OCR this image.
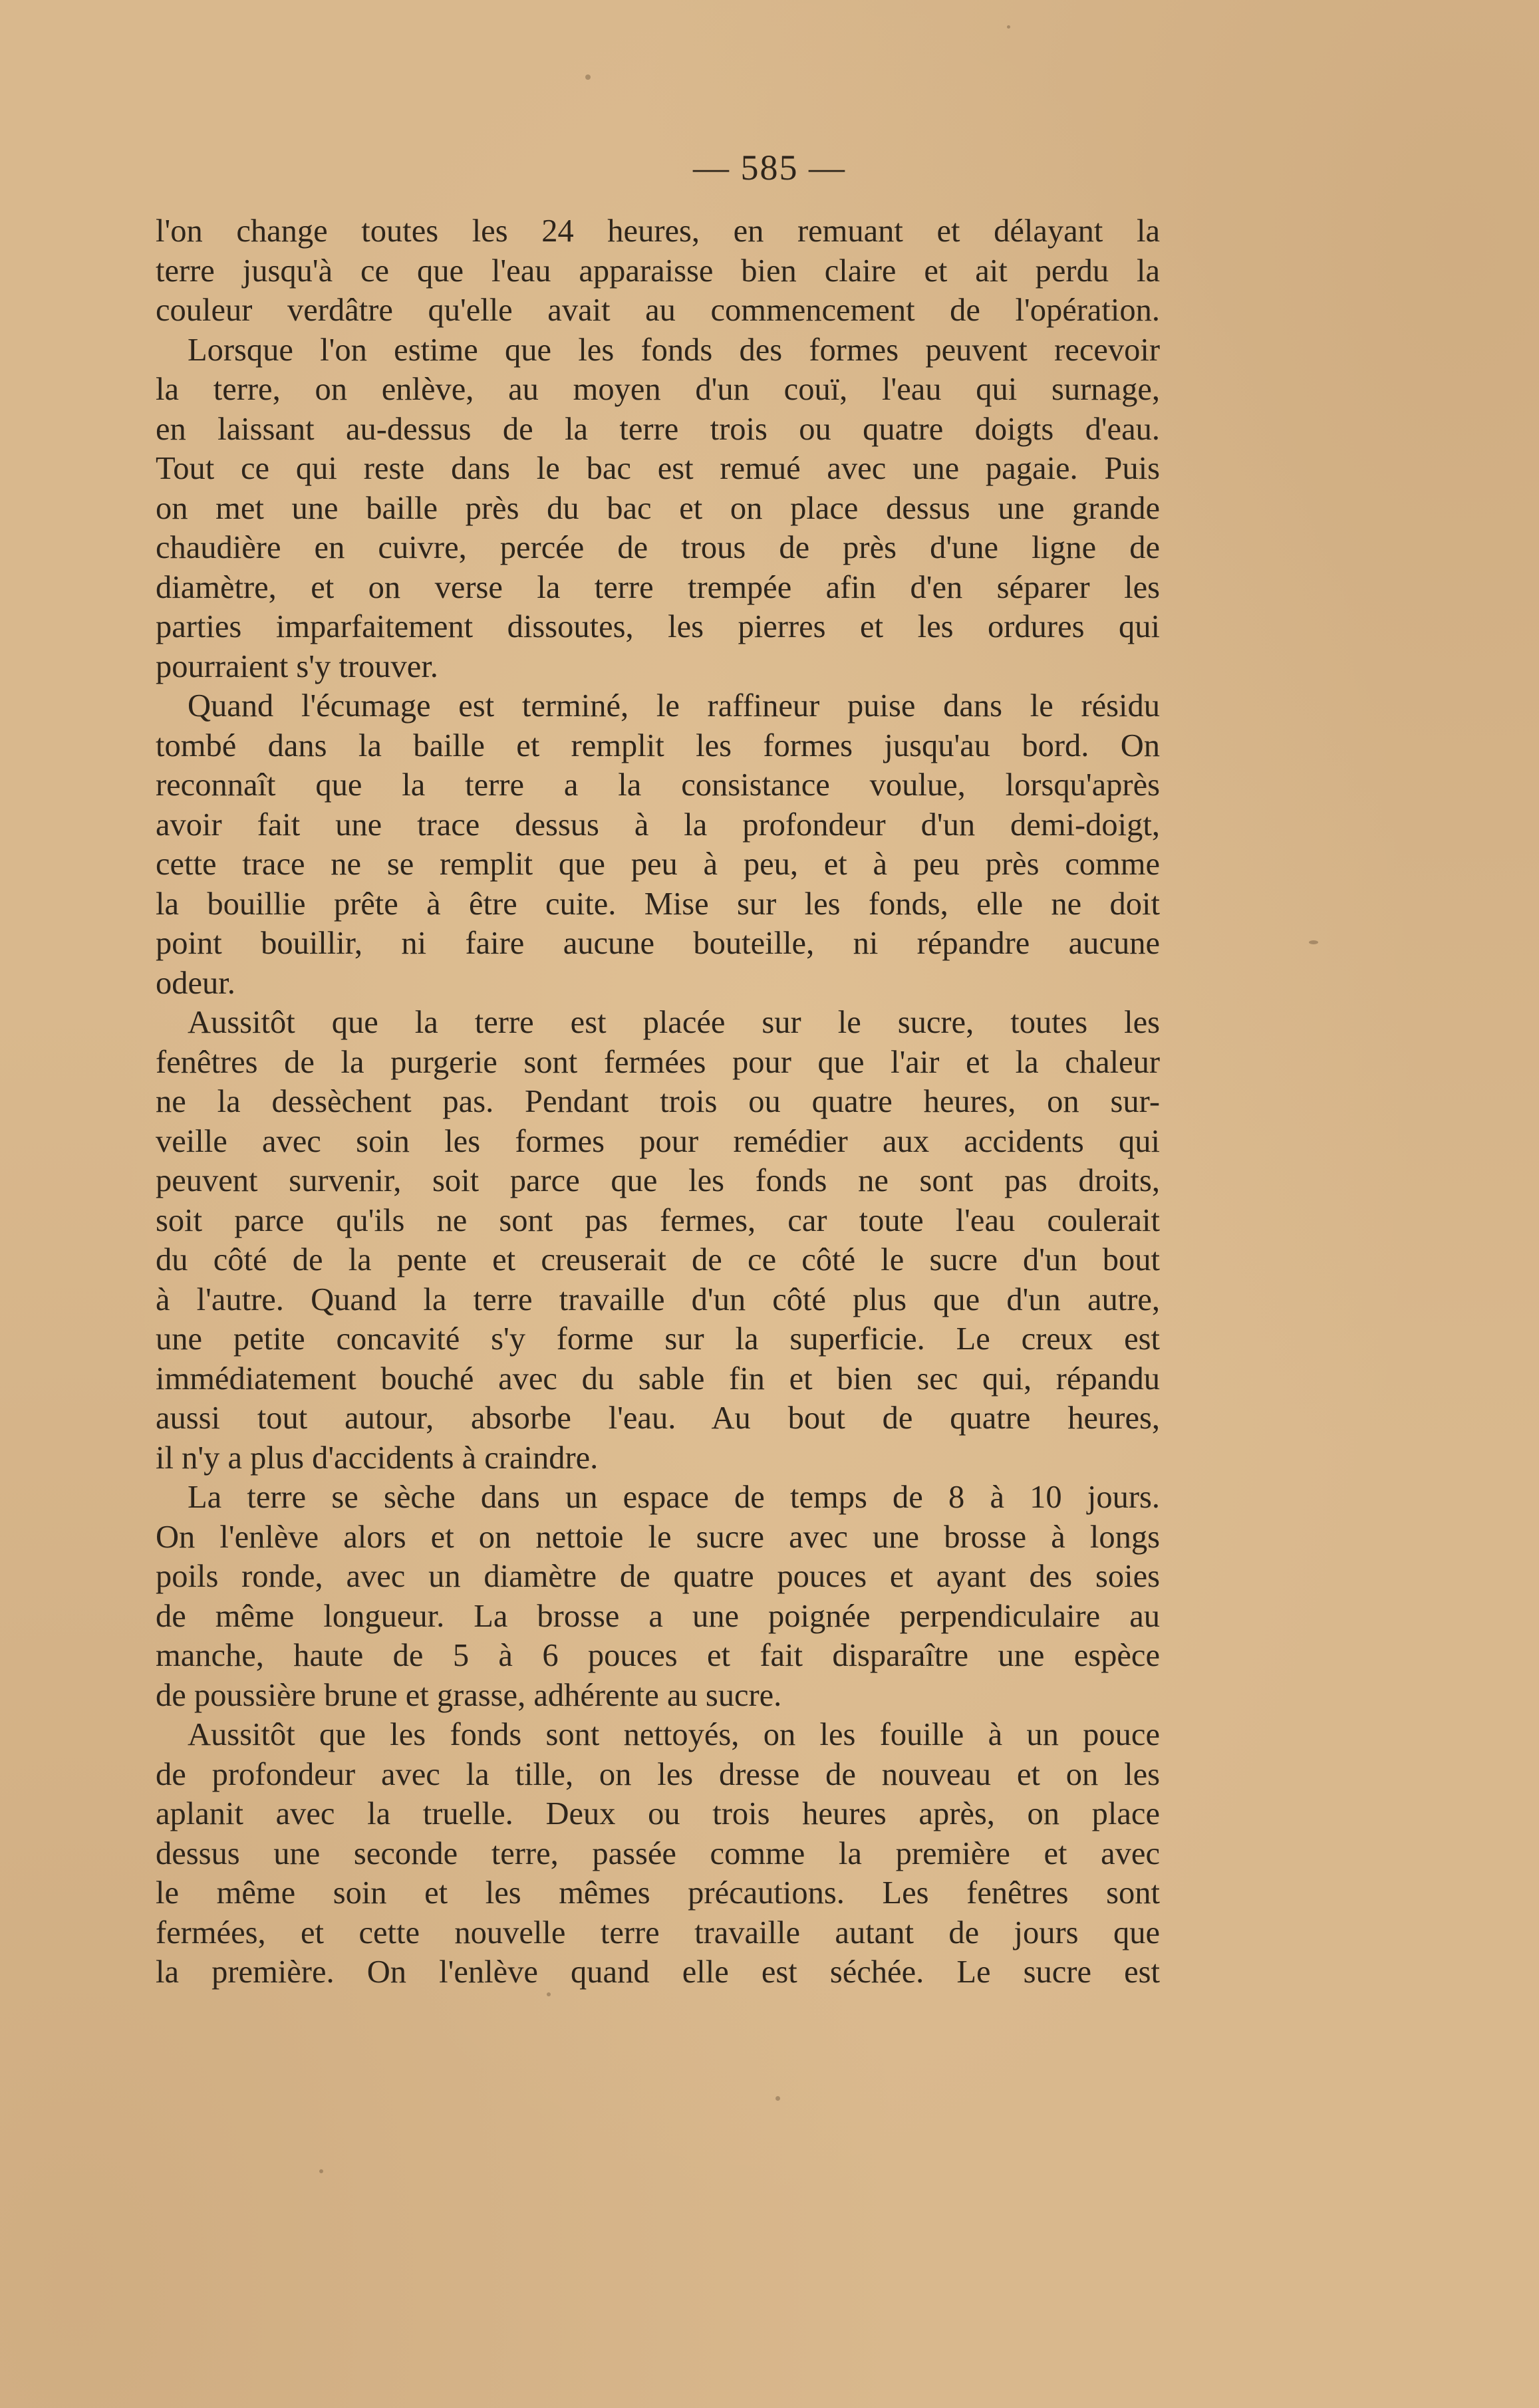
— 585 —
l'on change toutes les 24 heures, en remuant et délayant la
terre jusqu'à ce que l'eau apparaisse bien claire et ait perdu la
couleur verdâtre qu'elle avait au commencement de l'opération.
Lorsque l'on estime que les fonds des formes peuvent recevoir
la terre, on enlève, au moyen d'un couï, l'eau qui surnage,
en laissant au-dessus de la terre trois ou quatre doigts d'eau.
Tout ce qui reste dans le bac est remué avec une pagaie. Puis
on met une baille près du bac et on place dessus une grande
chaudière en cuivre, percée de trous de près d'une ligne de
diamètre, et on verse la terre trempée afin d'en séparer les
parties imparfaitement dissoutes, les pierres et les ordures qui
pourraient s'y trouver.
Quand l'écumage est terminé, le raffineur puise dans le résidu
tombé dans la baille et remplit les formes jusqu'au bord. On
reconnaît que la terre a la consistance voulue, lorsqu'après
avoir fait une trace dessus à la profondeur d'un demi-doigt,
cette trace ne se remplit que peu à peu, et à peu près comme
la bouillie prête à être cuite. Mise sur les fonds, elle ne doit
point bouillir, ni faire aucune bouteille, ni répandre aucune
odeur.
Aussitôt que la terre est placée sur le sucre, toutes les
fenêtres de la purgerie sont fermées pour que l'air et la chaleur
ne la dessèchent pas. Pendant trois ou quatre heures, on sur-
veille avec soin les formes pour remédier aux accidents qui
peuvent survenir, soit parce que les fonds ne sont pas droits,
soit parce qu'ils ne sont pas fermes, car toute l'eau coulerait
du côté de la pente et creuserait de ce côté le sucre d'un bout
à l'autre. Quand la terre travaille d'un côté plus que d'un autre,
une petite concavité s'y forme sur la superficie. Le creux est
immédiatement bouché avec du sable fin et bien sec qui, répandu
aussi tout autour, absorbe l'eau. Au bout de quatre heures,
il n'y a plus d'accidents à craindre.
La terre se sèche dans un espace de temps de 8 à 10 jours.
On l'enlève alors et on nettoie le sucre avec une brosse à longs
poils ronde, avec un diamètre de quatre pouces et ayant des soies
de même longueur. La brosse a une poignée perpendiculaire au
manche, haute de 5 à 6 pouces et fait disparaître une espèce
de poussière brune et grasse, adhérente au sucre.
Aussitôt que les fonds sont nettoyés, on les fouille à un pouce
de profondeur avec la tille, on les dresse de nouveau et on les
aplanit avec la truelle. Deux ou trois heures après, on place
dessus une seconde terre, passée comme la première et avec
le même soin et les mêmes précautions. Les fenêtres sont
fermées, et cette nouvelle terre travaille autant de jours que
la première. On l'enlève quand elle est séchée. Le sucre est
